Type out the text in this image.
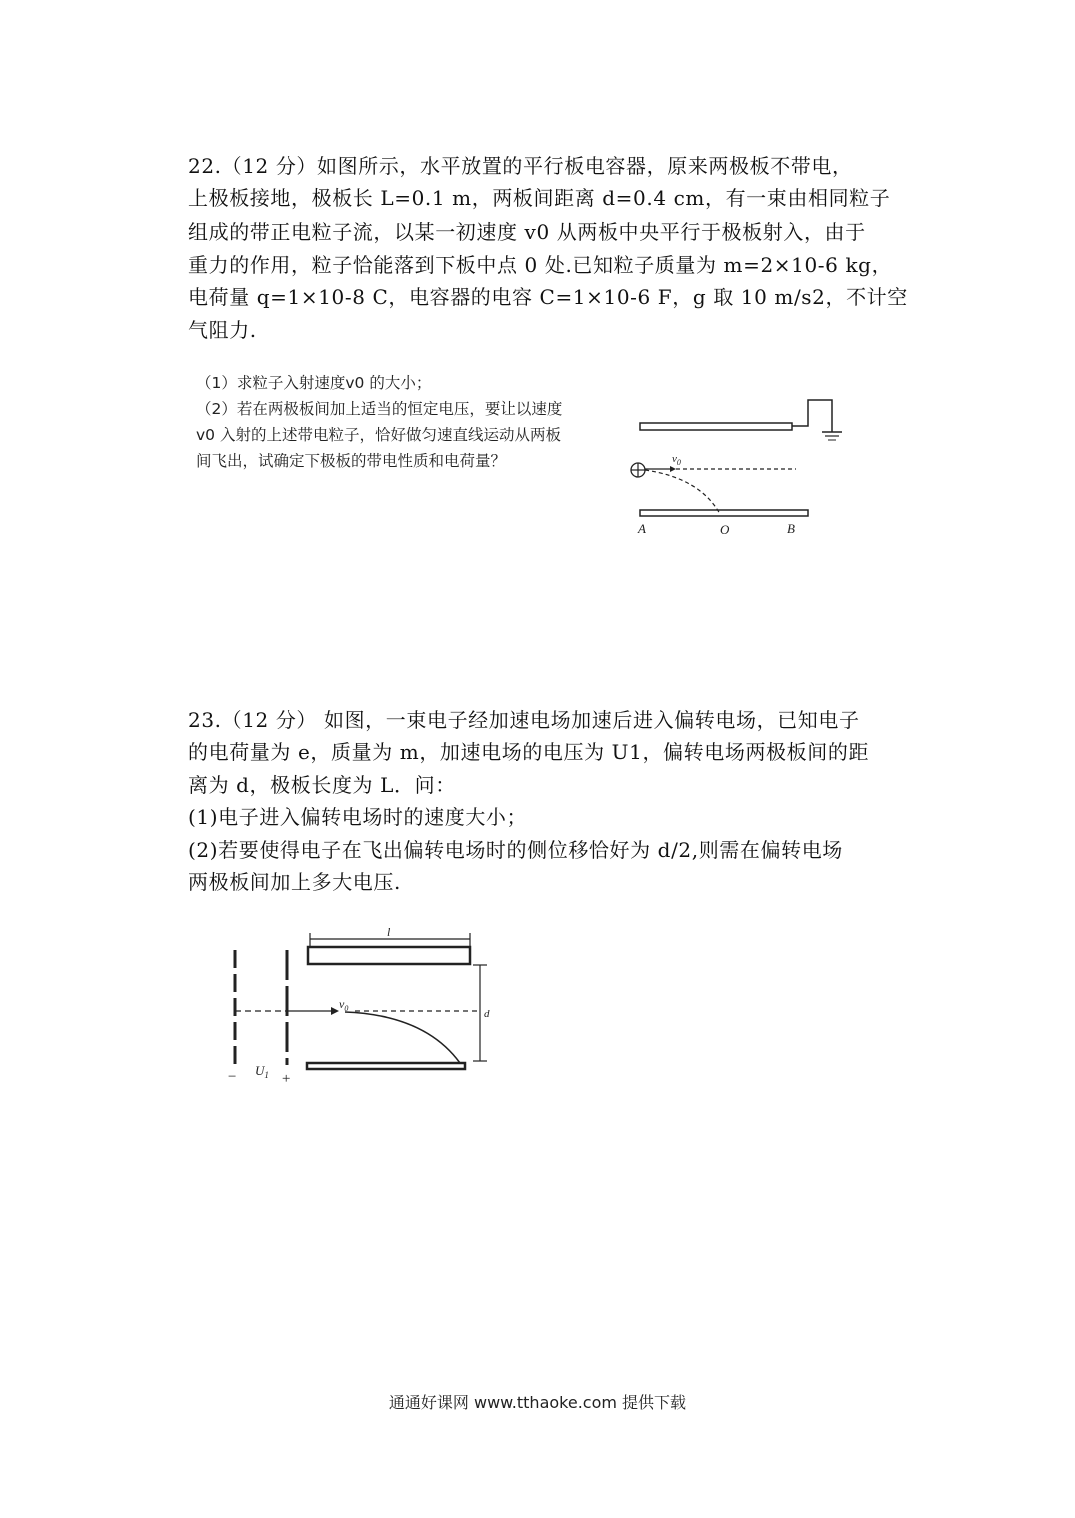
22.（12 分）如图所示，水平放置的平行板电容器，原来两极板不带电，
上极板接地，极板长 L=0.1 m，两板间距离 d=0.4 cm，有一束由相同粒子
组成的带正电粒子流，以某一初速度 v0 从两板中央平行于极板射入，由于
重力的作用，粒子恰能落到下板中点 0 处.已知粒子质量为 m=2×10-6 kg，
电荷量 q=1×10-8 C，电容器的电容 C=1×10-6 F，g 取 10 m/s2，不计空
气阻力.
（1）求粒子入射速度v0 的大小；
（2）若在两极板间加上适当的恒定电压，要让以速度
v0 入射的上述带电粒子，恰好做匀速直线运动从两板
间飞出，试确定下极板的带电性质和电荷量？	$v_0$
A	O	B
23.（12 分） 如图，一束电子经加速电场加速后进入偏转电场，已知电子
的电荷量为 e，质量为 m，加速电场的电压为 U1，偏转电场两极板间的距
离为 d，极板长度为 L．问：
(1)电子进入偏转电场时的速度大小；
(2)若要使得电子在飞出偏转电场时的侧位移恰好为 d/2,则需在偏转电场
两极板间加上多大电压.
−	+
$U_1$
l
$v_0$	d
通通好课网 www.tthaoke.com 提供下载
